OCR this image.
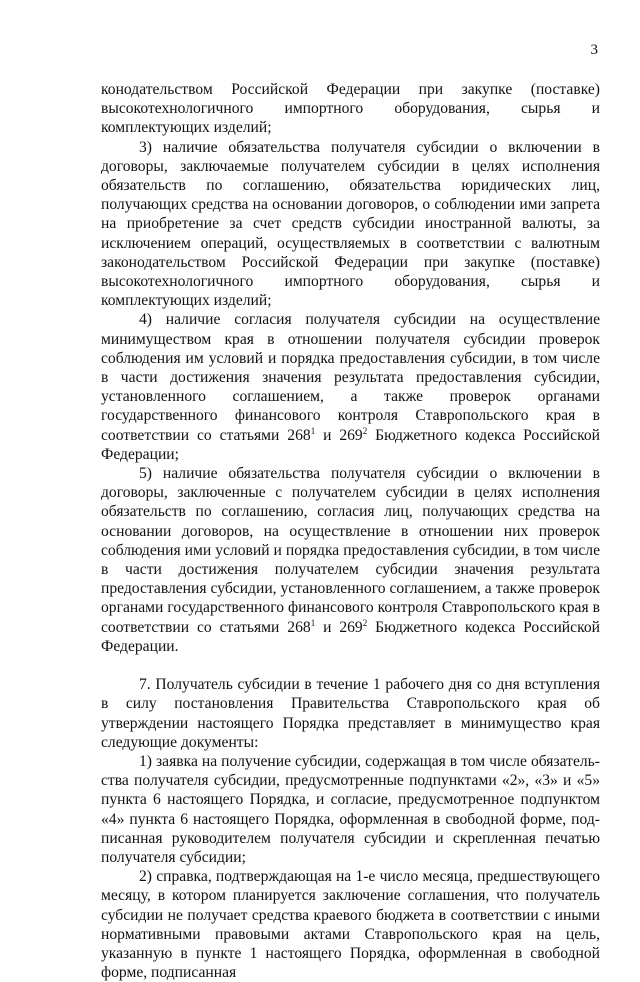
3

конодательством Российской Федерации при закупке (поставке) высокотехнологичного импортного оборудования, сырья и комплектующих изделий;

3) наличие обязательства получателя субсидии о включении в договоры, заключаемые получателем субсидии в целях исполнения обязательств по соглашению, обязательства юридических лиц, получающих средства на основании договоров, о соблюдении ими запрета на приобретение за счет средств субсидии иностранной валюты, за исключением операций, осуществляемых в соответствии с валютным законодательством Российской Федерации при закупке (поставке) высокотехнологичного импортного оборудования, сырья и комплектующих изделий;

4) наличие согласия получателя субсидии на осуществление минимуществом края в отношении получателя субсидии проверок соблюдения им условий и порядка предоставления субсидии, в том числе в части достижения значения результата предоставления субсидии, установленного соглашением, а также проверок органами государственного финансового контроля Ставропольского края в соответствии со статьями $268^1$ и $269^2$ Бюджетного кодекса Российской Федерации;

5) наличие обязательства получателя субсидии о включении в договоры, заключенные с получателем субсидии в целях исполнения обязательств по соглашению, согласия лиц, получающих средства на основании договоров, на осуществление в отношении них проверок соблюдения ими условий и порядка предоставления субсидии, в том числе в части достижения получателем субсидии значения результата предоставления субсидии, установленного соглашением, а также проверок органами государственного финансового контроля Ставропольского края в соответствии со статьями $268^1$ и $269^2$ Бюджетного кодекса Российской Федерации.

7. Получатель субсидии в течение 1 рабочего дня со дня вступления в силу постановления Правительства Ставропольского края об утверждении настоящего Порядка представляет в минимущество края следующие документы:

1) заявка на получение субсидии, содержащая в том числе обязательства получателя субсидии, предусмотренные подпунктами «2», «3» и «5» пункта 6 настоящего Порядка, и согласие, предусмотренное подпунктом «4» пункта 6 настоящего Порядка, оформленная в свободной форме, подписанная руководителем получателя субсидии и скрепленная печатью получателя субсидии;

2) справка, подтверждающая на 1-е число месяца, предшествующего месяцу, в котором планируется заключение соглашения, что получатель субсидии не получает средства краевого бюджета в соответствии с иными нормативными правовыми актами Ставропольского края на цель, указанную в пункте 1 настоящего Порядка, оформленная в свободной форме, подписанная
